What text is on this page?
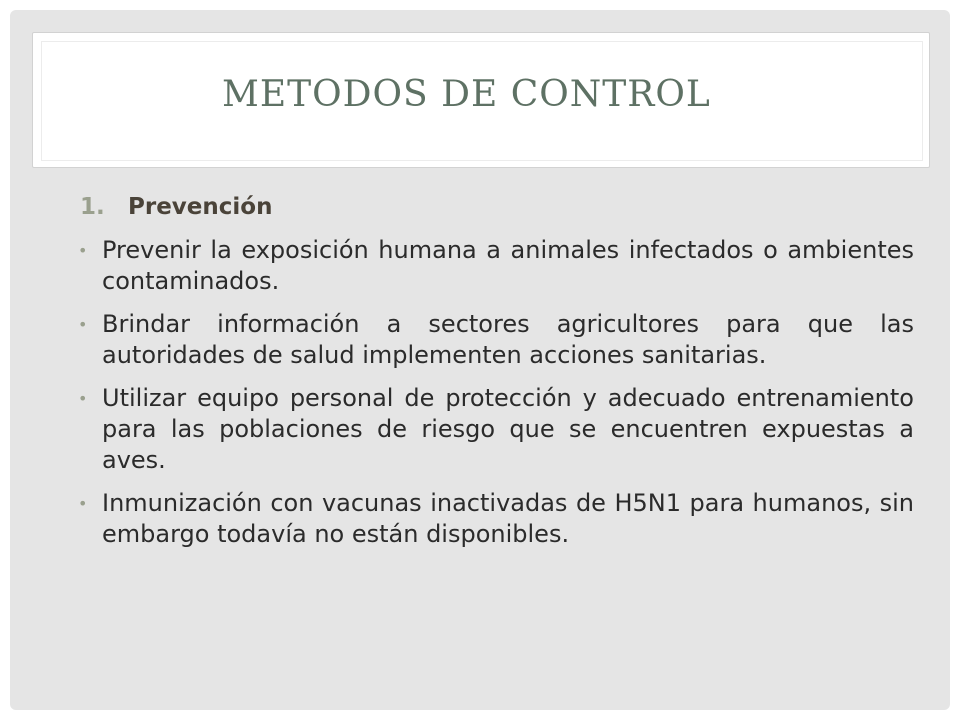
METODOS DE CONTROL
1.	Prevención
• Prevenir la exposición humana a animales infectados o ambientes contaminados.
• Brindar información a sectores agricultores para que las autoridades de salud implementen acciones sanitarias.
• Utilizar equipo personal de protección y adecuado entrenamiento para las poblaciones de riesgo que se encuentren expuestas a aves.
• Inmunización con vacunas inactivadas de H5N1 para humanos, sin embargo todavía no están disponibles.
